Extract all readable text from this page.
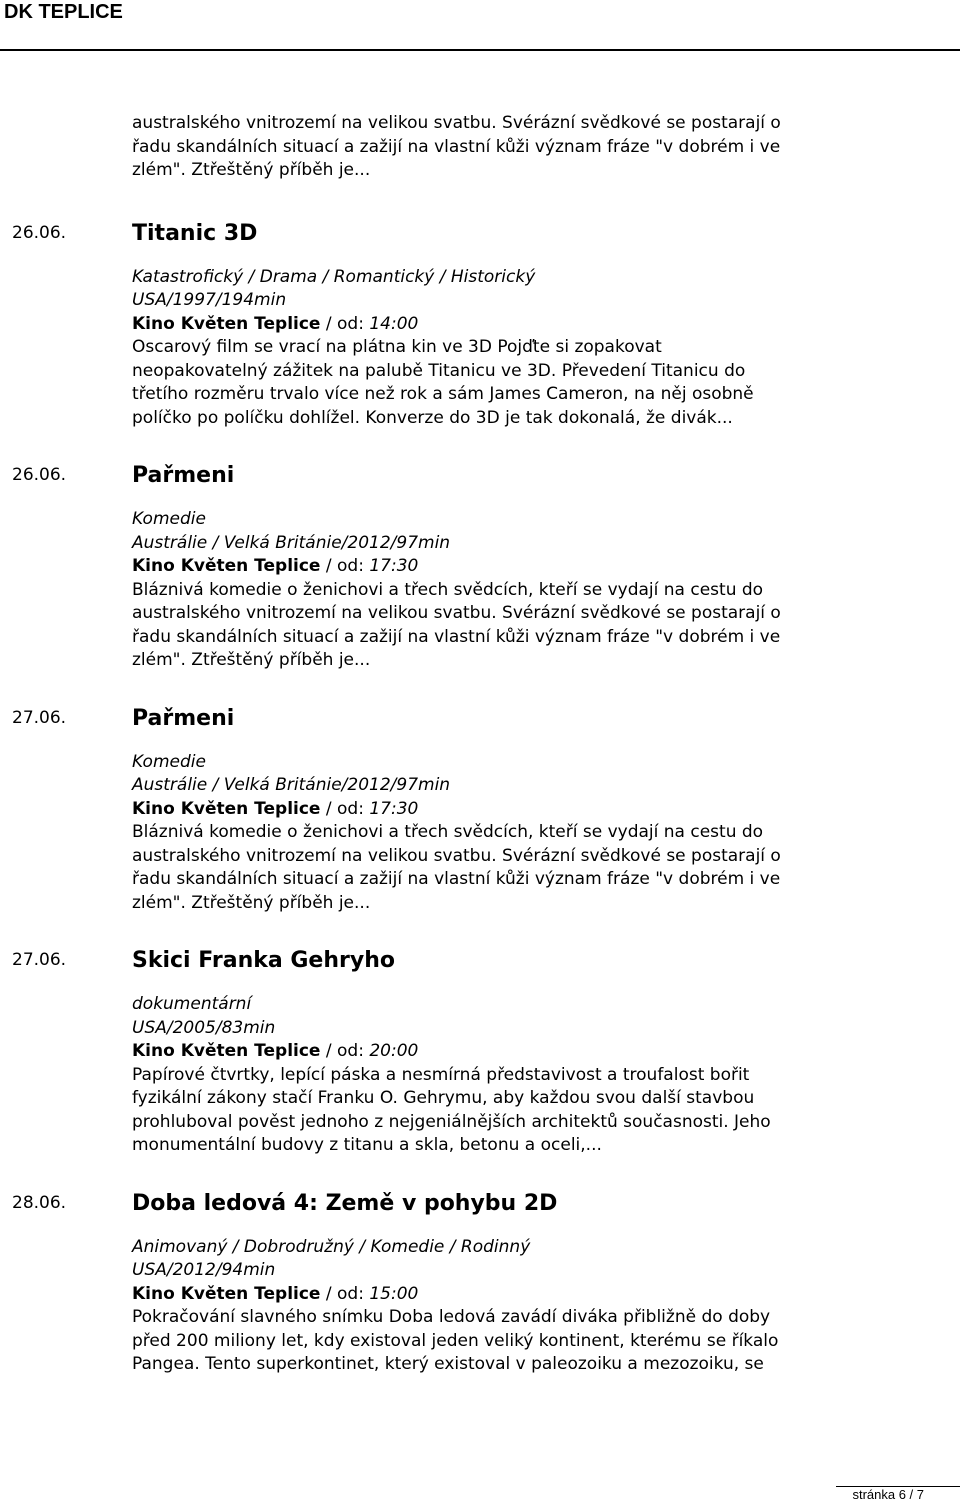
DK TEPLICE
australského vnitrozemí na velikou svatbu. Svérázní svědkové se postarají o
řadu skandálních situací a zažijí na vlastní kůži význam fráze "v dobrém i ve
zlém". Ztřeštěný příběh je...
26.06.	Titanic 3D
Katastrofický / Drama / Romantický / Historický
USA/1997/194min
Kino Květen Teplice / od: 14:00
Oscarový film se vrací na plátna kin ve 3D Pojďte si zopakovat
neopakovatelný zážitek na palubě Titanicu ve 3D. Převedení Titanicu do
třetího rozměru trvalo více než rok a sám James Cameron, na něj osobně
políčko po políčku dohlížel. Konverze do 3D je tak dokonalá, že divák...
26.06.	Pařmeni
Komedie
Austrálie / Velká Británie/2012/97min
Kino Květen Teplice / od: 17:30
Bláznivá komedie o ženichovi a třech svědcích, kteří se vydají na cestu do
australského vnitrozemí na velikou svatbu. Svérázní svědkové se postarají o
řadu skandálních situací a zažijí na vlastní kůži význam fráze "v dobrém i ve
zlém". Ztřeštěný příběh je...
27.06.	Pařmeni
Komedie
Austrálie / Velká Británie/2012/97min
Kino Květen Teplice / od: 17:30
Bláznivá komedie o ženichovi a třech svědcích, kteří se vydají na cestu do
australského vnitrozemí na velikou svatbu. Svérázní svědkové se postarají o
řadu skandálních situací a zažijí na vlastní kůži význam fráze "v dobrém i ve
zlém". Ztřeštěný příběh je...
27.06.	Skici Franka Gehryho
dokumentární
USA/2005/83min
Kino Květen Teplice / od: 20:00
Papírové čtvrtky, lepící páska a nesmírná představivost a troufalost bořit
fyzikální zákony stačí Franku O. Gehrymu, aby každou svou další stavbou
prohluboval pověst jednoho z nejgeniálnějších architektů současnosti. Jeho
monumentální budovy z titanu a skla, betonu a oceli,...
28.06.	Doba ledová 4: Země v pohybu 2D
Animovaný / Dobrodružný / Komedie / Rodinný
USA/2012/94min
Kino Květen Teplice / od: 15:00
Pokračování slavného snímku Doba ledová zavádí diváka přibližně do doby
před 200 miliony let, kdy existoval jeden veliký kontinent, kterému se říkalo
Pangea. Tento superkontinet, který existoval v paleozoiku a mezozoiku, se
stránka 6 / 7
